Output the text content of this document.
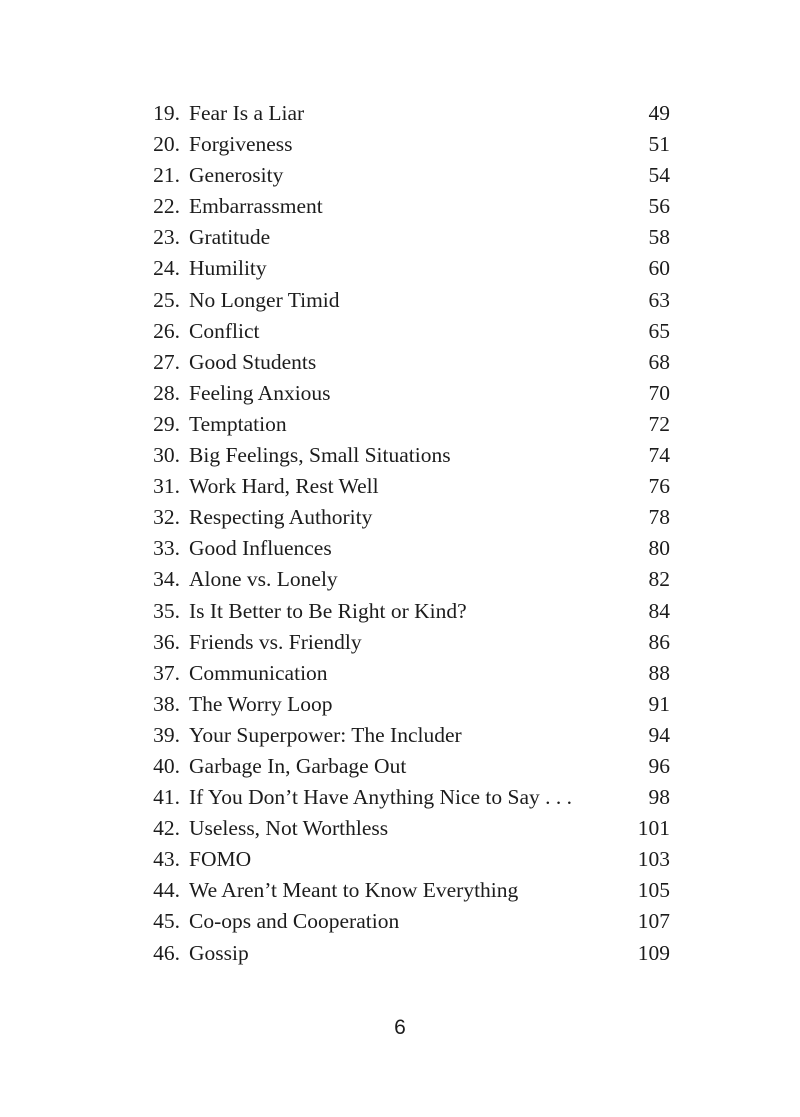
19. Fear Is a Liar	49
20. Forgiveness	51
21. Generosity	54
22. Embarrassment	56
23. Gratitude	58
24. Humility	60
25. No Longer Timid	63
26. Conflict	65
27. Good Students	68
28. Feeling Anxious	70
29. Temptation	72
30. Big Feelings, Small Situations	74
31. Work Hard, Rest Well	76
32. Respecting Authority	78
33. Good Influences	80
34. Alone vs. Lonely	82
35. Is It Better to Be Right or Kind?	84
36. Friends vs. Friendly	86
37. Communication	88
38. The Worry Loop	91
39. Your Superpower: The Includer	94
40. Garbage In, Garbage Out	96
41. If You Don’t Have Anything Nice to Say . . .	98
42. Useless, Not Worthless	101
43. FOMO	103
44. We Aren’t Meant to Know Everything	105
45. Co-ops and Cooperation	107
46. Gossip	109
6
